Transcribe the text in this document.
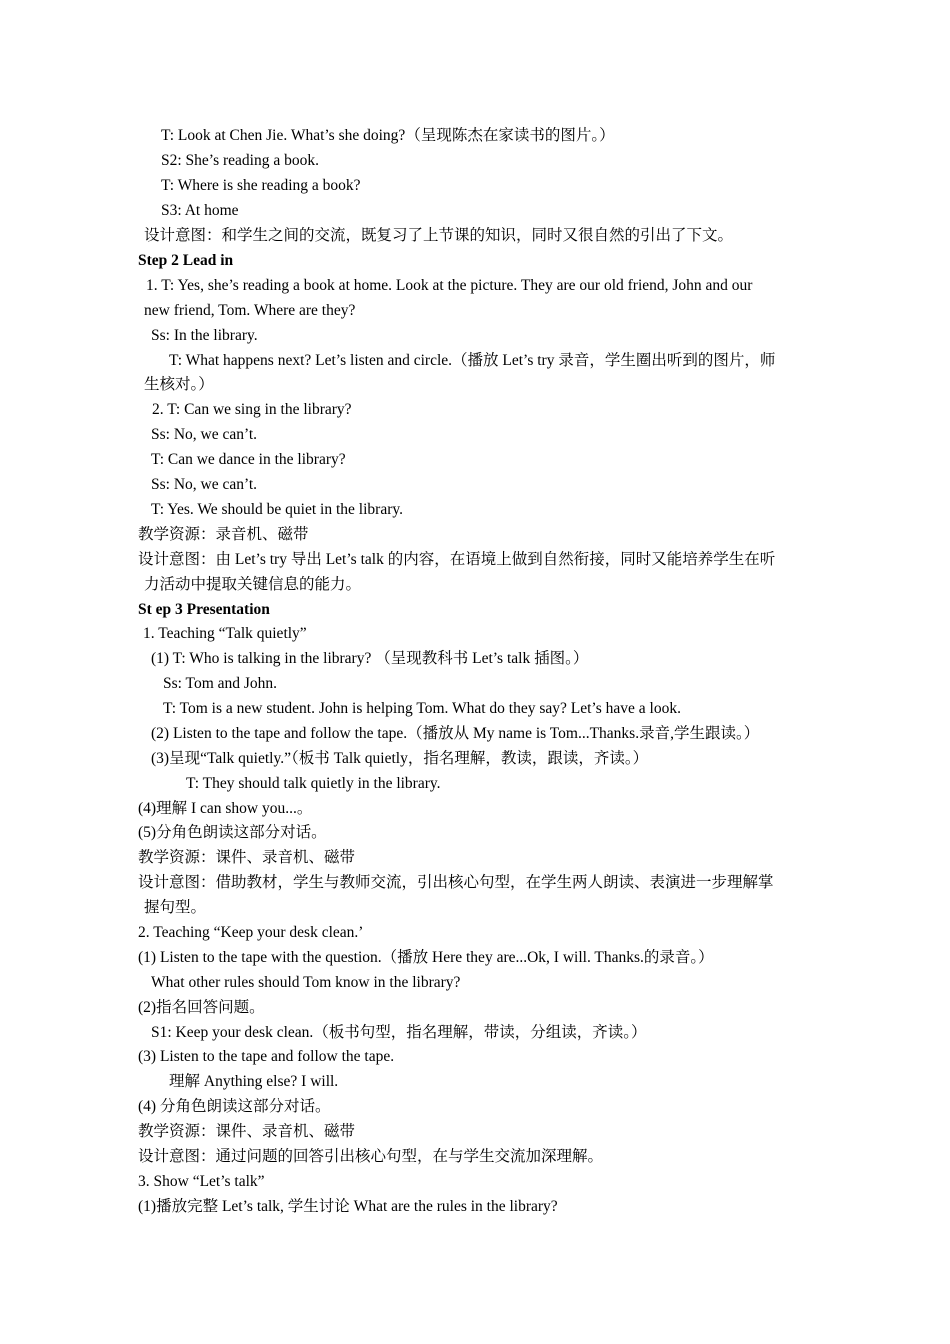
T: Look at Chen Jie. What’s she doing?（呈现陈杰在家读书的图片。）
S2: She’s reading a book.
T: Where is she reading a book?
S3: At home
设计意图：和学生之间的交流，既复习了上节课的知识，同时又很自然的引出了下文。
Step 2 Lead in
1. T: Yes, she’s reading a book at home. Look at the picture. They are our old friend, John and our
new friend, Tom. Where are they?
Ss: In the library.
T: What happens next? Let’s listen and circle.（播放 Let’s try 录音，学生圈出听到的图片，师
生核对。）
2. T: Can we sing in the library?
Ss: No, we can’t.
T: Can we dance in the library?
Ss: No, we can’t.
T: Yes. We should be quiet in the library.
教学资源：录音机、磁带
设计意图：由 Let’s try 导出 Let’s talk 的内容，在语境上做到自然衔接，同时又能培养学生在听
力活动中提取关键信息的能力。
St ep 3 Presentation
1. Teaching “Talk quietly”
(1) T: Who is talking in the library? （呈现教科书 Let’s talk 插图。）
Ss: Tom and John.
T: Tom is a new student. John is helping Tom. What do they say? Let’s have a look.
(2) Listen to the tape and follow the tape.（播放从 My name is Tom...Thanks.录音,学生跟读。）
(3)呈现“Talk quietly.”（板书 Talk quietly，指名理解，教读，跟读，齐读。）
T: They should talk quietly in the library.
(4)理解 I can show you...。
(5)分角色朗读这部分对话。
教学资源：课件、录音机、磁带
设计意图：借助教材，学生与教师交流，引出核心句型，在学生两人朗读、表演进一步理解掌
握句型。
2. Teaching “Keep your desk clean.’
(1) Listen to the tape with the question.（播放 Here they are...Ok, I will. Thanks.的录音。）
What other rules should Tom know in the library?
(2)指名回答问题。
S1: Keep your desk clean.（板书句型，指名理解，带读，分组读，齐读。）
(3) Listen to the tape and follow the tape.
理解 Anything else? I will.
(4) 分角色朗读这部分对话。
教学资源：课件、录音机、磁带
设计意图：通过问题的回答引出核心句型，在与学生交流加深理解。
3. Show “Let’s talk”
(1)播放完整 Let’s talk, 学生讨论 What are the rules in the library?
